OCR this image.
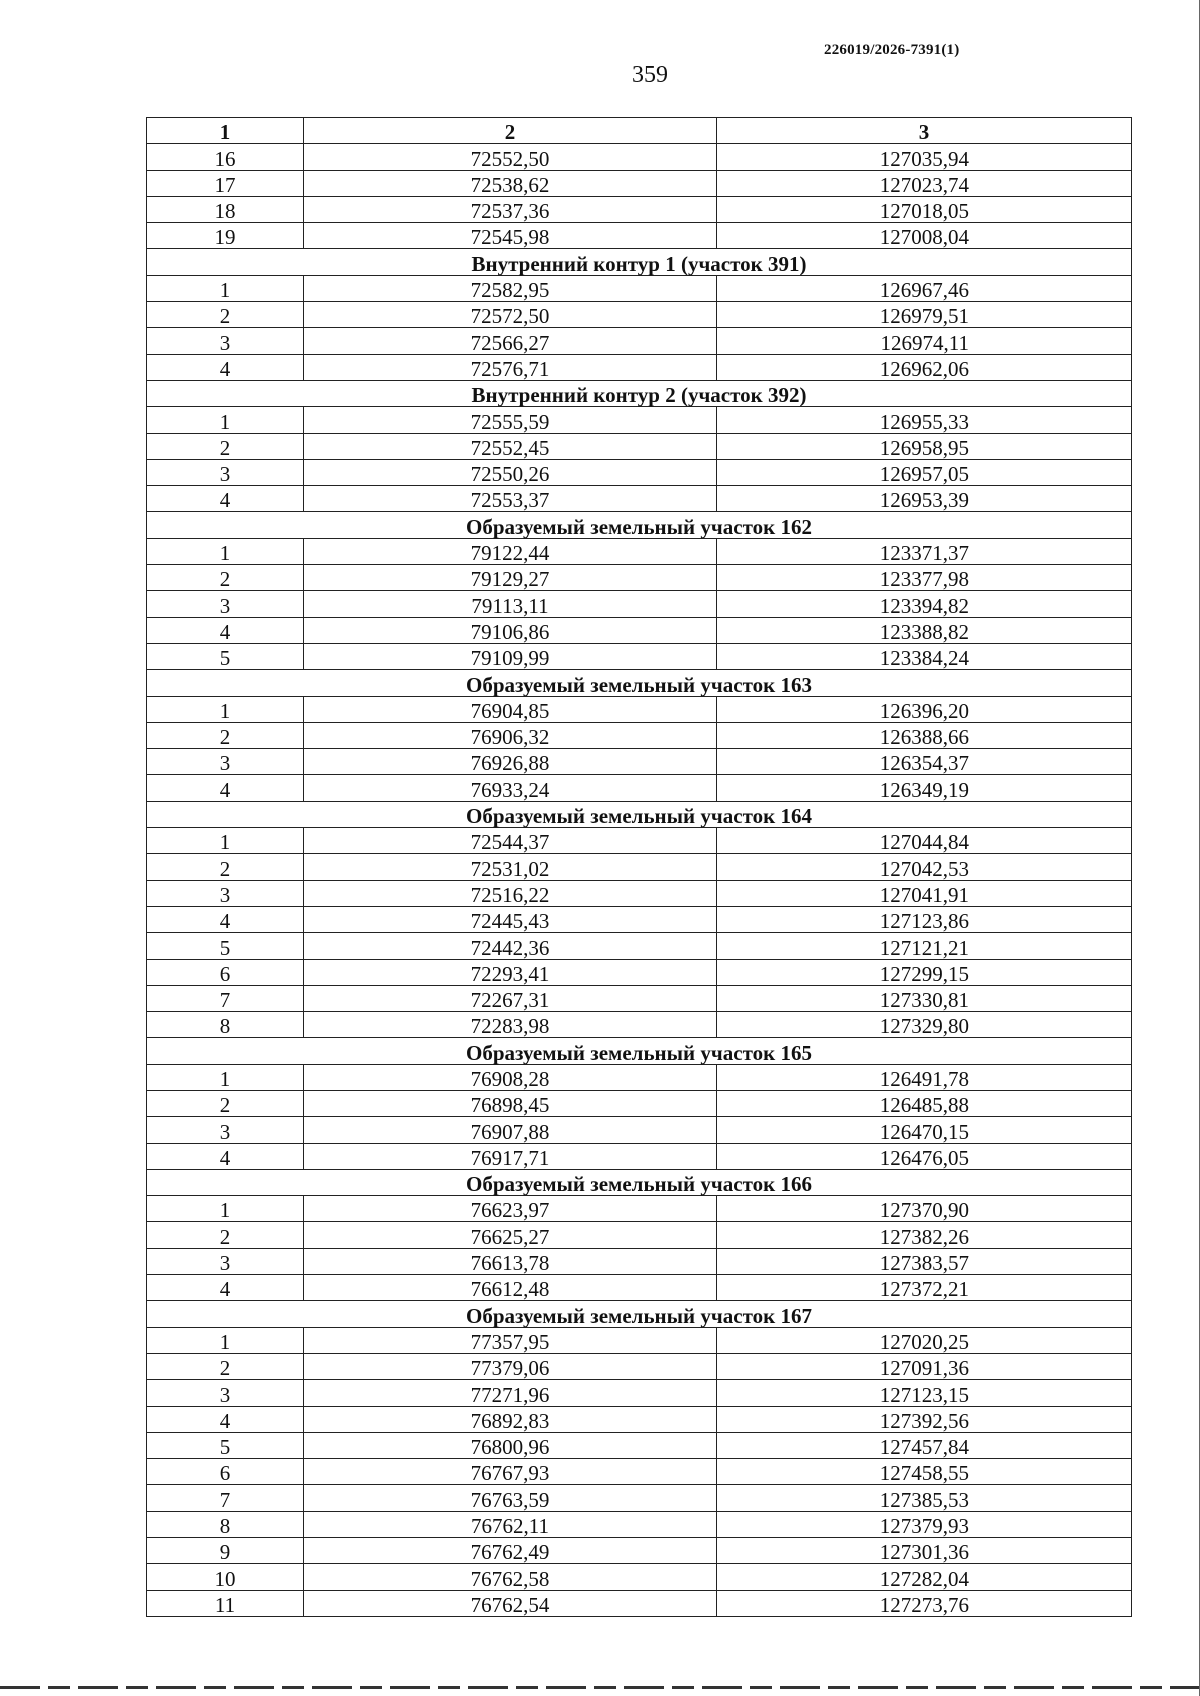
226019/2026-7391(1)
359
1	2	3
16	72552,50	127035,94
17	72538,62	127023,74
18	72537,36	127018,05
19	72545,98	127008,04
Внутренний контур 1 (участок 391)		
1	72582,95	126967,46
2	72572,50	126979,51
3	72566,27	126974,11
4	72576,71	126962,06
Внутренний контур 2 (участок 392)		
1	72555,59	126955,33
2	72552,45	126958,95
3	72550,26	126957,05
4	72553,37	126953,39
Образуемый земельный участок 162		
1	79122,44	123371,37
2	79129,27	123377,98
3	79113,11	123394,82
4	79106,86	123388,82
5	79109,99	123384,24
Образуемый земельный участок 163		
1	76904,85	126396,20
2	76906,32	126388,66
3	76926,88	126354,37
4	76933,24	126349,19
Образуемый земельный участок 164		
1	72544,37	127044,84
2	72531,02	127042,53
3	72516,22	127041,91
4	72445,43	127123,86
5	72442,36	127121,21
6	72293,41	127299,15
7	72267,31	127330,81
8	72283,98	127329,80
Образуемый земельный участок 165		
1	76908,28	126491,78
2	76898,45	126485,88
3	76907,88	126470,15
4	76917,71	126476,05
Образуемый земельный участок 166		
1	76623,97	127370,90
2	76625,27	127382,26
3	76613,78	127383,57
4	76612,48	127372,21
Образуемый земельный участок 167		
1	77357,95	127020,25
2	77379,06	127091,36
3	77271,96	127123,15
4	76892,83	127392,56
5	76800,96	127457,84
6	76767,93	127458,55
7	76763,59	127385,53
8	76762,11	127379,93
9	76762,49	127301,36
10	76762,58	127282,04
11	76762,54	127273,76
